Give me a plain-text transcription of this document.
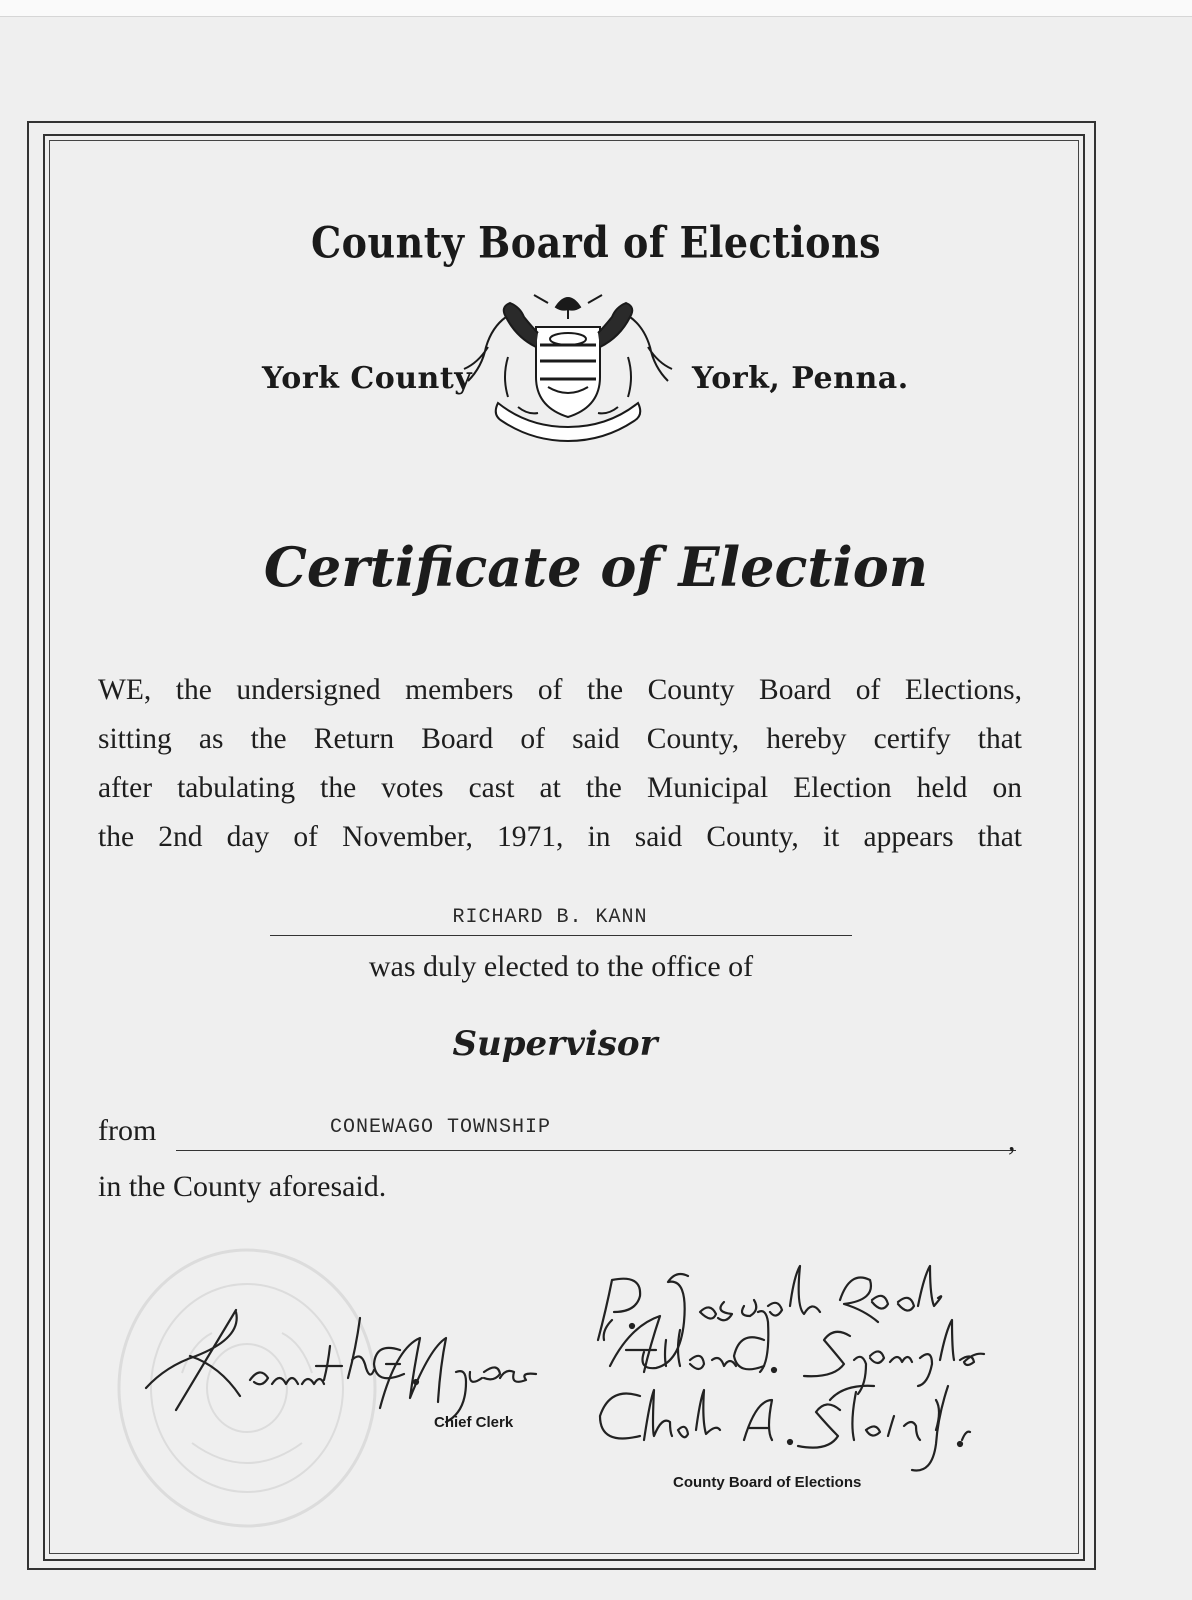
County Board of Elections
York County	York, Penna.
Certificate of Election
WE, the undersigned members of the County Board of Elections,
sitting as the Return Board of said County, hereby certify that
after tabulating the votes cast at the Municipal Election held on
the 2nd day of November, 1971, in said County, it appears that
RICHARD B. KANN
was duly elected to the office of
Supervisor
from	CONEWAGO TOWNSHIP	,
in the County aforesaid.
Chief Clerk
County Board of Elections
